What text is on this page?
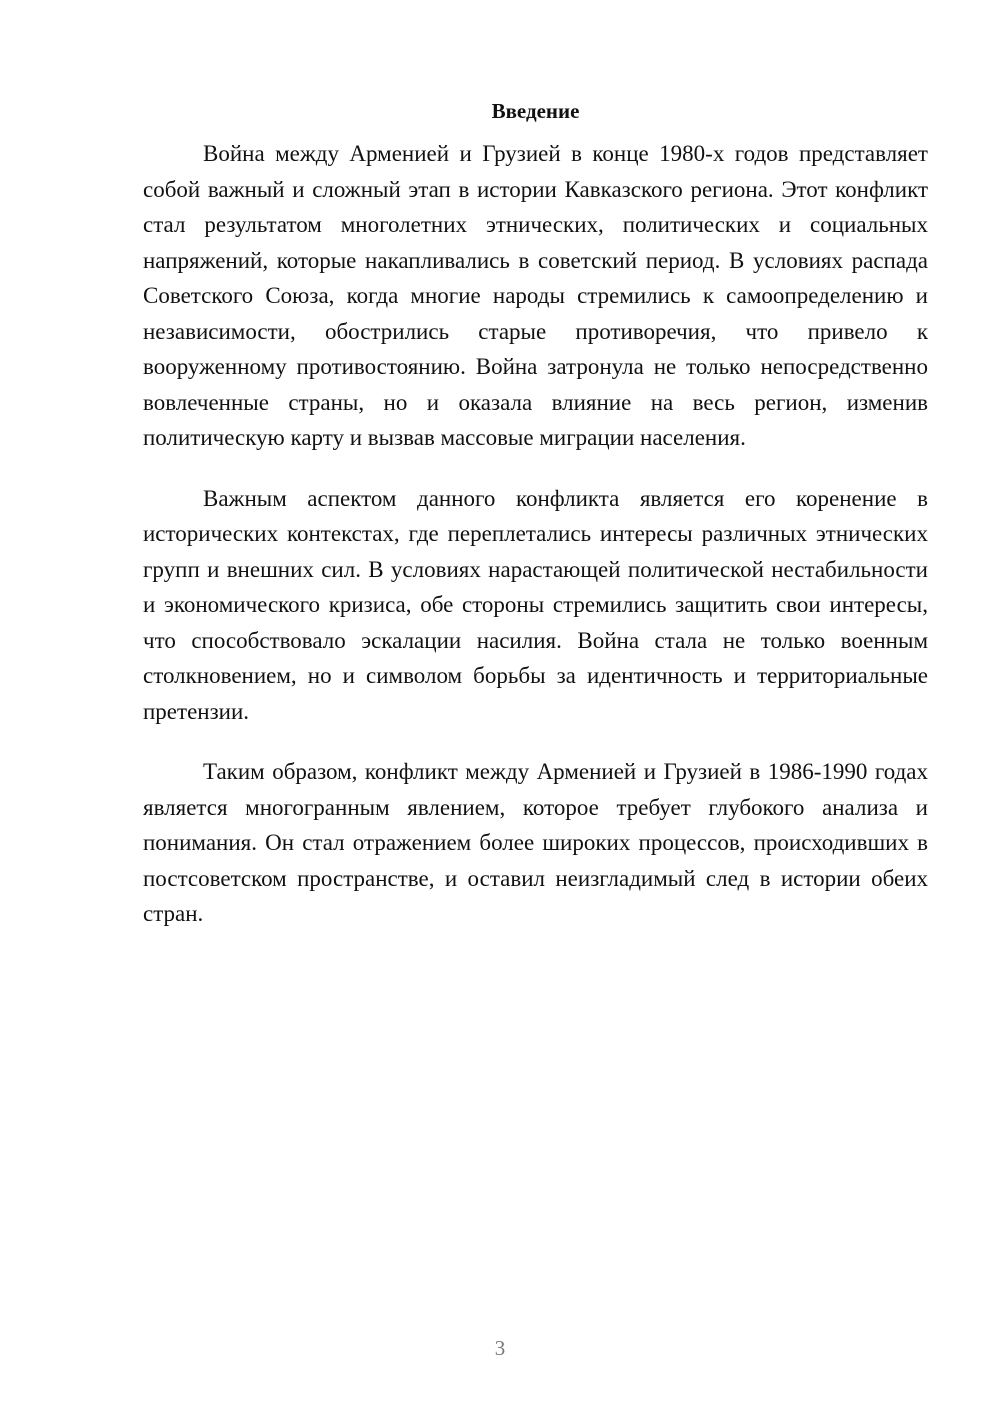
Введение

Война между Арменией и Грузией в конце 1980-х годов представляет собой важный и сложный этап в истории Кавказского региона. Этот конфликт стал результатом многолетних этнических, политических и социальных напряжений, которые накапливались в советский период. В условиях распада Советского Союза, когда многие народы стремились к самоопределению и независимости, обострились старые противоречия, что привело к вооруженному противостоянию. Война затронула не только непосредственно вовлеченные страны, но и оказала влияние на весь регион, изменив политическую карту и вызвав массовые миграции населения.

Важным аспектом данного конфликта является его коренение в исторических контекстах, где переплетались интересы различных этнических групп и внешних сил. В условиях нарастающей политической нестабильности и экономического кризиса, обе стороны стремились защитить свои интересы, что способствовало эскалации насилия. Война стала не только военным столкновением, но и символом борьбы за идентичность и территориальные претензии.

Таким образом, конфликт между Арменией и Грузией в 1986-1990 годах является многогранным явлением, которое требует глубокого анализа и понимания. Он стал отражением более широких процессов, происходивших в постсоветском пространстве, и оставил неизгладимый след в истории обеих стран.

3
